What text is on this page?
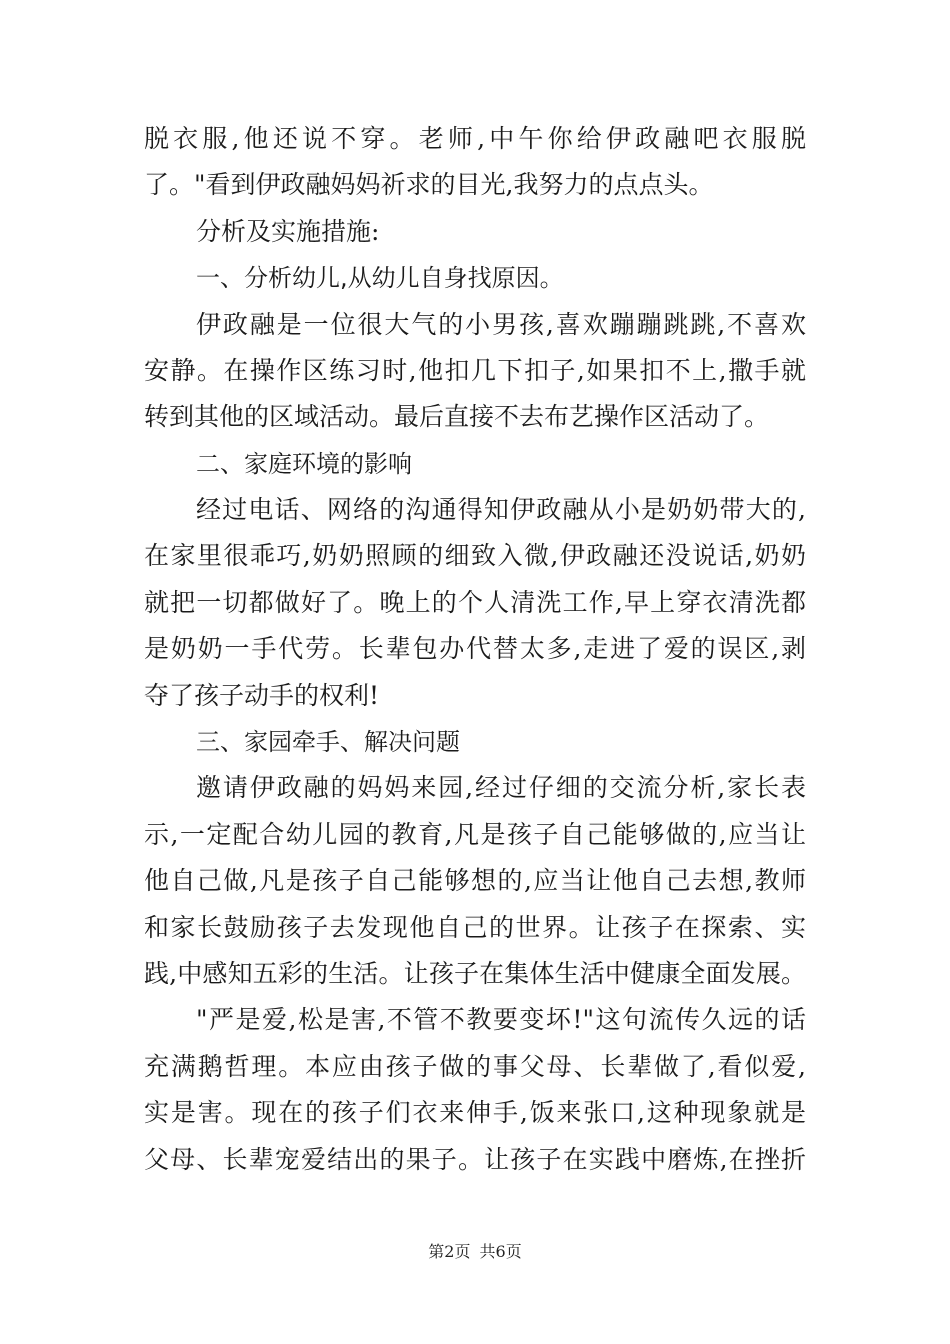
脱衣服,他还说不穿。老师,中午你给伊政融吧衣服脱
了。"看到伊政融妈妈祈求的目光,我努力的点点头。
分析及实施措施:
一、分析幼儿,从幼儿自身找原因。
伊政融是一位很大气的小男孩,喜欢蹦蹦跳跳,不喜欢
安静。在操作区练习时,他扣几下扣子,如果扣不上,撒手就
转到其他的区域活动。最后直接不去布艺操作区活动了。
二、家庭环境的影响
经过电话、网络的沟通得知伊政融从小是奶奶带大的,
在家里很乖巧,奶奶照顾的细致入微,伊政融还没说话,奶奶
就把一切都做好了。晚上的个人清洗工作,早上穿衣清洗都
是奶奶一手代劳。长辈包办代替太多,走进了爱的误区,剥
夺了孩子动手的权利!
三、家园牵手、解决问题
邀请伊政融的妈妈来园,经过仔细的交流分析,家长表
示,一定配合幼儿园的教育,凡是孩子自己能够做的,应当让
他自己做,凡是孩子自己能够想的,应当让他自己去想,教师
和家长鼓励孩子去发现他自己的世界。让孩子在探索、实
践,中感知五彩的生活。让孩子在集体生活中健康全面发展。
"严是爱,松是害,不管不教要变坏!"这句流传久远的话
充满鹅哲理。本应由孩子做的事父母、长辈做了,看似爱,
实是害。现在的孩子们衣来伸手,饭来张口,这种现象就是
父母、长辈宠爱结出的果子。让孩子在实践中磨炼,在挫折
第2页 共6页
